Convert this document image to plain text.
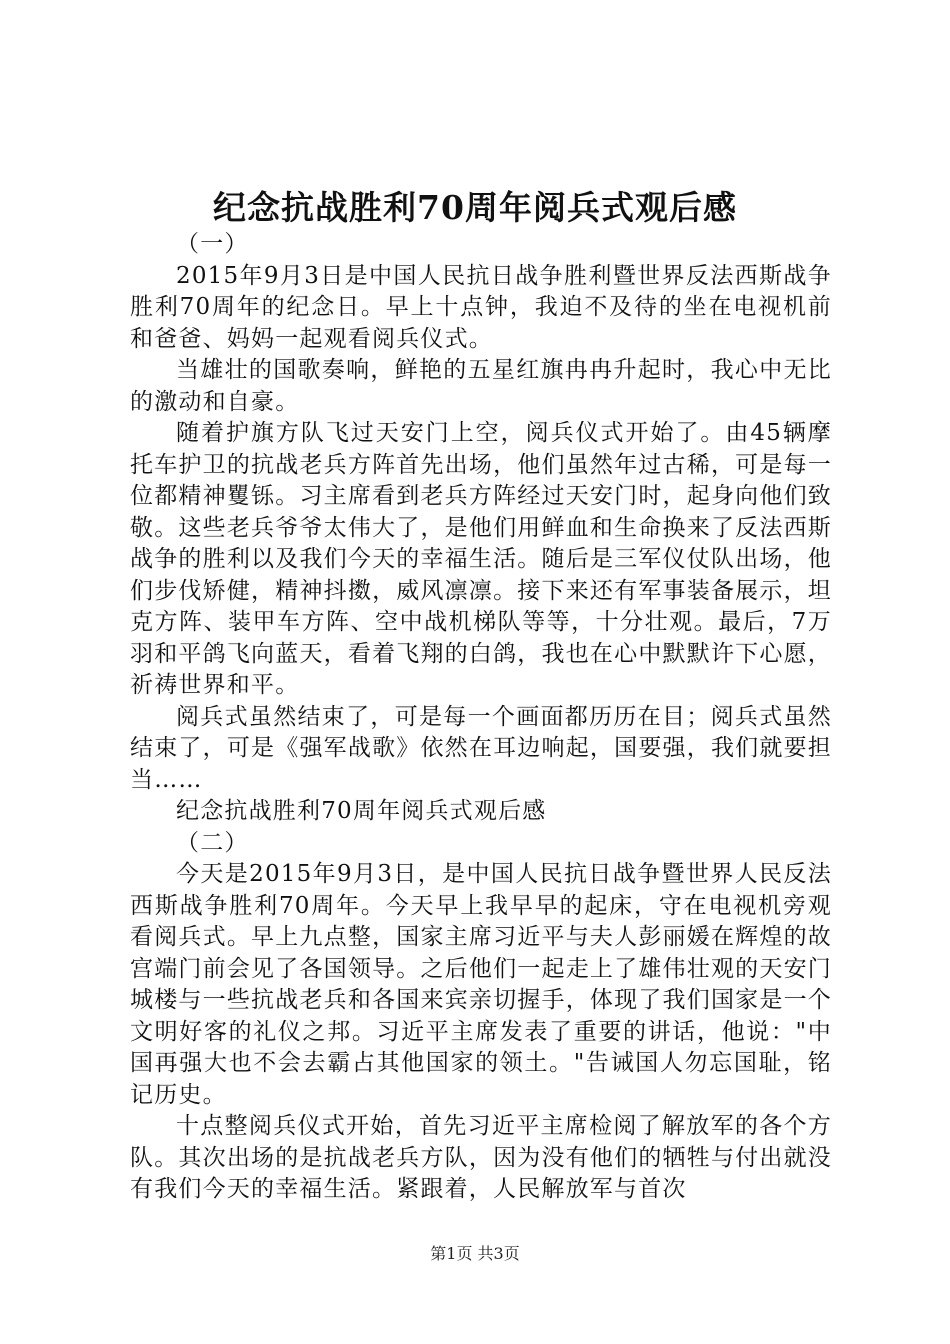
纪念抗战胜利70周年阅兵式观后感

（一）

2015年9月3日是中国人民抗日战争胜利暨世界反法西斯战争胜利70周年的纪念日。早上十点钟，我迫不及待的坐在电视机前和爸爸、妈妈一起观看阅兵仪式。

当雄壮的国歌奏响，鲜艳的五星红旗冉冉升起时，我心中无比的激动和自豪。

随着护旗方队飞过天安门上空，阅兵仪式开始了。由45辆摩托车护卫的抗战老兵方阵首先出场，他们虽然年过古稀，可是每一位都精神矍铄。习主席看到老兵方阵经过天安门时，起身向他们致敬。这些老兵爷爷太伟大了，是他们用鲜血和生命换来了反法西斯战争的胜利以及我们今天的幸福生活。随后是三军仪仗队出场，他们步伐矫健，精神抖擞，威风凛凛。接下来还有军事装备展示，坦克方阵、装甲车方阵、空中战机梯队等等，十分壮观。最后，7万羽和平鸽飞向蓝天，看着飞翔的白鸽，我也在心中默默许下心愿，祈祷世界和平。

阅兵式虽然结束了，可是每一个画面都历历在目；阅兵式虽然结束了，可是《强军战歌》依然在耳边响起，国要强，我们就要担当……

纪念抗战胜利70周年阅兵式观后感

（二）

今天是2015年9月3日，是中国人民抗日战争暨世界人民反法西斯战争胜利70周年。今天早上我早早的起床，守在电视机旁观看阅兵式。早上九点整，国家主席习近平与夫人彭丽媛在辉煌的故宫端门前会见了各国领导。之后他们一起走上了雄伟壮观的天安门城楼与一些抗战老兵和各国来宾亲切握手，体现了我们国家是一个文明好客的礼仪之邦。习近平主席发表了重要的讲话，他说："中国再强大也不会去霸占其他国家的领土。"告诫国人勿忘国耻，铭记历史。

十点整阅兵仪式开始，首先习近平主席检阅了解放军的各个方队。其次出场的是抗战老兵方队，因为没有他们的牺牲与付出就没有我们今天的幸福生活。紧跟着，人民解放军与首次

第1页 共3页
